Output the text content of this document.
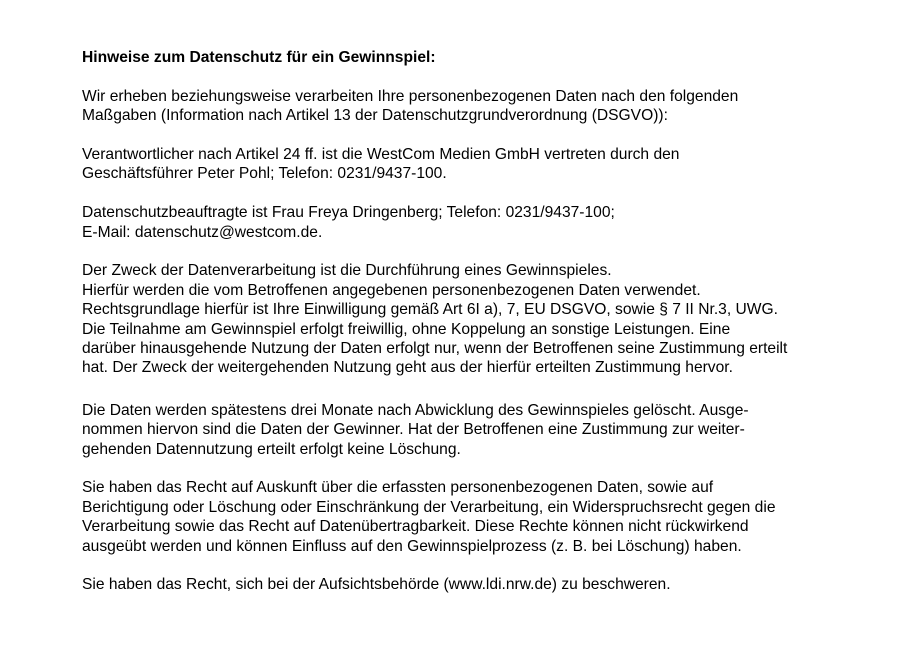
Hinweise zum Datenschutz für ein Gewinnspiel:
Wir erheben beziehungsweise verarbeiten Ihre personenbezogenen Daten nach den folgenden
Maßgaben (Information nach Artikel 13 der Datenschutzgrundverordnung (DSGVO)):
Verantwortlicher nach Artikel 24 ff. ist die WestCom Medien GmbH vertreten durch den
Geschäftsführer Peter Pohl; Telefon: 0231/9437-100.
Datenschutzbeauftragte ist Frau Freya Dringenberg; Telefon: 0231/9437-100;
E-Mail: datenschutz@westcom.de.
Der Zweck der Datenverarbeitung ist die Durchführung eines Gewinnspieles.
Hierfür werden die vom Betroffenen angegebenen personenbezogenen Daten verwendet.
Rechtsgrundlage hierfür ist Ihre Einwilligung gemäß Art 6I a), 7, EU DSGVO, sowie § 7 II Nr.3, UWG.
Die Teilnahme am Gewinnspiel erfolgt freiwillig, ohne Koppelung an sonstige Leistungen. Eine
darüber hinausgehende Nutzung der Daten erfolgt nur, wenn der Betroffenen seine Zustimmung erteilt
hat. Der Zweck der weitergehenden Nutzung geht aus der hierfür erteilten Zustimmung hervor.
Die Daten werden spätestens drei Monate nach Abwicklung des Gewinnspieles gelöscht. Ausge-
nommen hiervon sind die Daten der Gewinner. Hat der Betroffenen eine Zustimmung zur weiter-
gehenden Datennutzung erteilt erfolgt keine Löschung.
Sie haben das Recht auf Auskunft über die erfassten personenbezogenen Daten, sowie auf
Berichtigung oder Löschung oder Einschränkung der Verarbeitung, ein Widerspruchsrecht gegen die
Verarbeitung sowie das Recht auf Datenübertragbarkeit. Diese Rechte können nicht rückwirkend
ausgeübt werden und können Einfluss auf den Gewinnspielprozess (z. B. bei Löschung) haben.
Sie haben das Recht, sich bei der Aufsichtsbehörde (www.ldi.nrw.de) zu beschweren.
